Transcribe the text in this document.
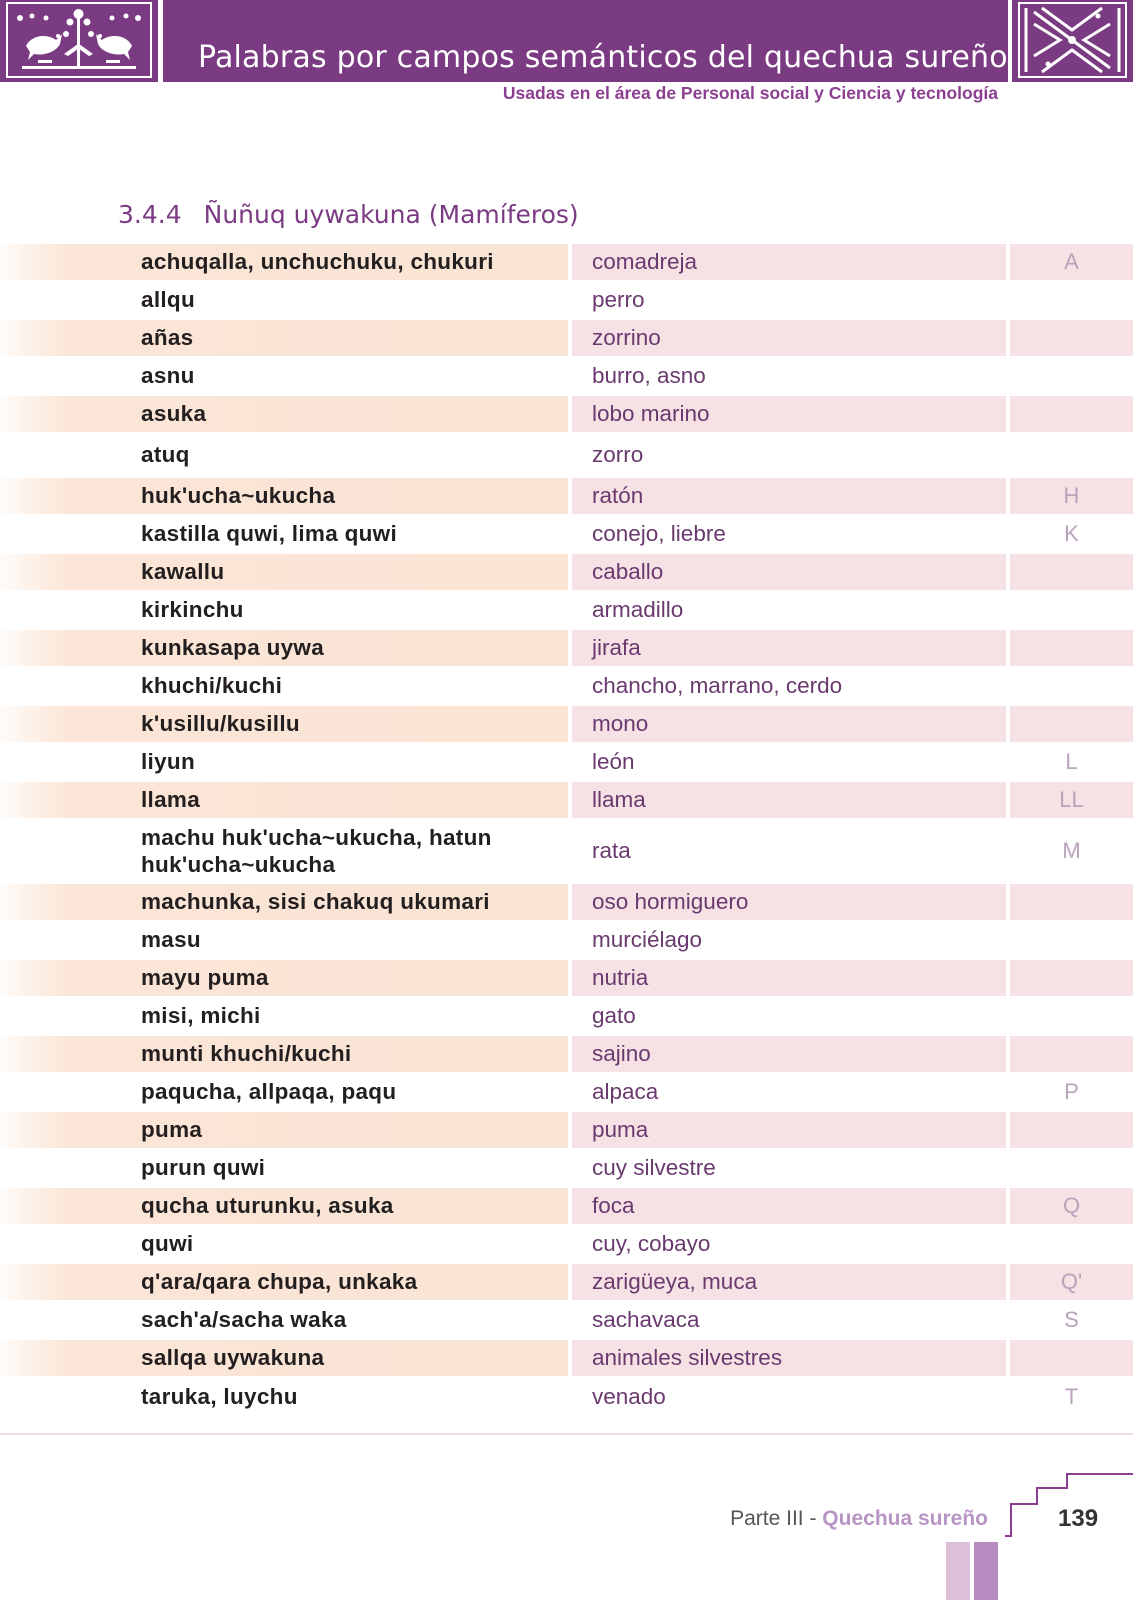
Palabras por campos semánticos del quechua sureño
Usadas en el área de Personal social y Ciencia y tecnología
3.4.4 Ñuñuq uywakuna (Mamíferos)
achuqalla, unchuchuku, chukuri	comadreja	A
allqu	perro	
añas	zorrino	
asnu	burro, asno	
asuka	lobo marino	
atuq	zorro	
huk'ucha~ukucha	ratón	H
kastilla quwi, lima quwi	conejo, liebre	K
kawallu	caballo	
kirkinchu	armadillo	
kunkasapa uywa	jirafa	
khuchi/kuchi	chancho, marrano, cerdo	
k'usillu/kusillu	mono	
liyun	león	L
llama	llama	LL
machu huk'ucha~ukucha, hatun huk'ucha~ukucha	rata	M
machunka, sisi chakuq ukumari	oso hormiguero	
masu	murciélago	
mayu puma	nutria	
misi, michi	gato	
munti khuchi/kuchi	sajino	
paqucha, allpaqa, paqu	alpaca	P
puma	puma	
purun quwi	cuy silvestre	
qucha uturunku, asuka	foca	Q
quwi	cuy, cobayo	
q'ara/qara chupa, unkaka	zarigüeya, muca	Q'
sach'a/sacha waka	sachavaca	S
sallqa uywakuna	animales silvestres	
taruka, luychu	venado	T
Parte III - Quechua sureño	139
